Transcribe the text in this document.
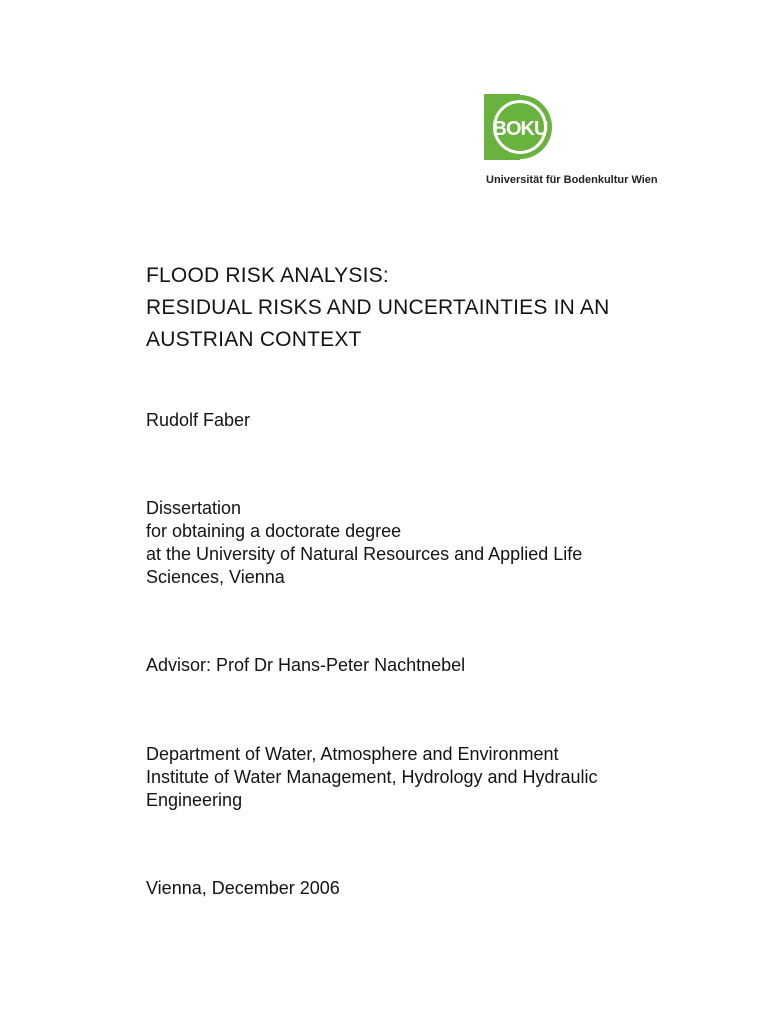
BOKU
Universität für Bodenkultur Wien
FLOOD RISK ANALYSIS:
RESIDUAL RISKS AND UNCERTAINTIES IN AN
AUSTRIAN CONTEXT
Rudolf Faber
Dissertation
for obtaining a doctorate degree
at the University of Natural Resources and Applied Life
Sciences, Vienna
Advisor: Prof Dr Hans-Peter Nachtnebel
Department of Water, Atmosphere and Environment
Institute of Water Management, Hydrology and Hydraulic
Engineering
Vienna, December 2006
